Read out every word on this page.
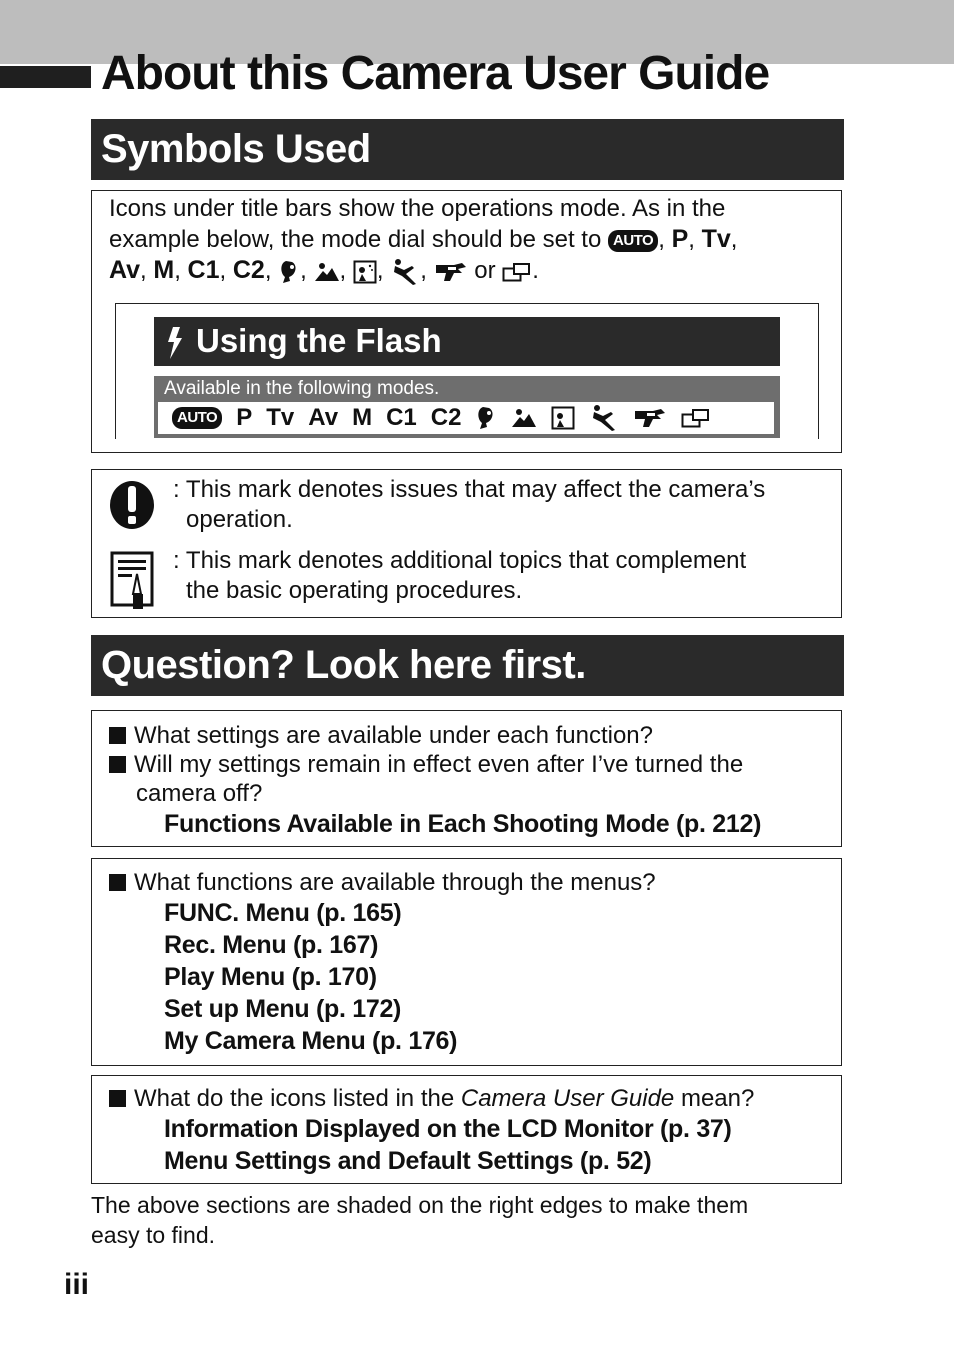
About this Camera User Guide
Symbols Used
Icons under title bars show the operations mode. As in the
example below, the mode dial should be set to AUTO , P, Tv,
Av, M, C1, C2, , , , ,  or .
Using the Flash
Available in the following modes.
AUTO P Tv Av M C1 C2
: This mark denotes issues that may affect the camera’s
operation.
: This mark denotes additional topics that complement
the basic operating procedures.
Question? Look here first.
What settings are available under each function?
Will my settings remain in effect even after I’ve turned the
camera off?
Functions Available in Each Shooting Mode (p. 212)
What functions are available through the menus?
FUNC. Menu (p. 165)
Rec. Menu (p. 167)
Play Menu (p. 170)
Set up Menu (p. 172)
My Camera Menu (p. 176)
What do the icons listed in the Camera User Guide mean?
Information Displayed on the LCD Monitor (p. 37)
Menu Settings and Default Settings (p. 52)
The above sections are shaded on the right edges to make them
easy to find.
iii
